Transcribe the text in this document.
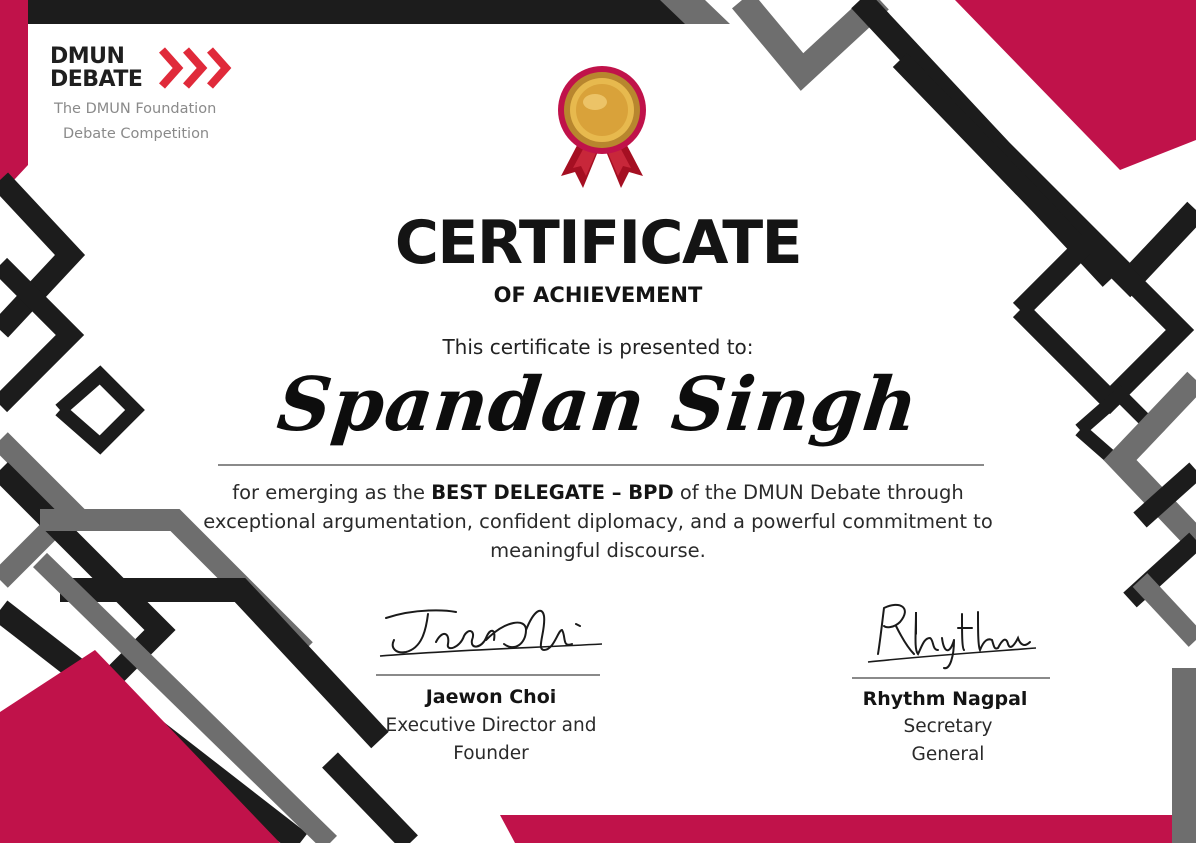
DMUN
DEBATE
The DMUN Foundation
Debate Competition
CERTIFICATE
OF ACHIEVEMENT
This certificate is presented to:
Spandan Singh
for emerging as the BEST DELEGATE – BPD of the DMUN Debate through exceptional argumentation, confident diplomacy, and a powerful commitment to meaningful discourse.
Jaewon Choi
Executive Director and
Founder
Rhythm Nagpal
Secretary
General
